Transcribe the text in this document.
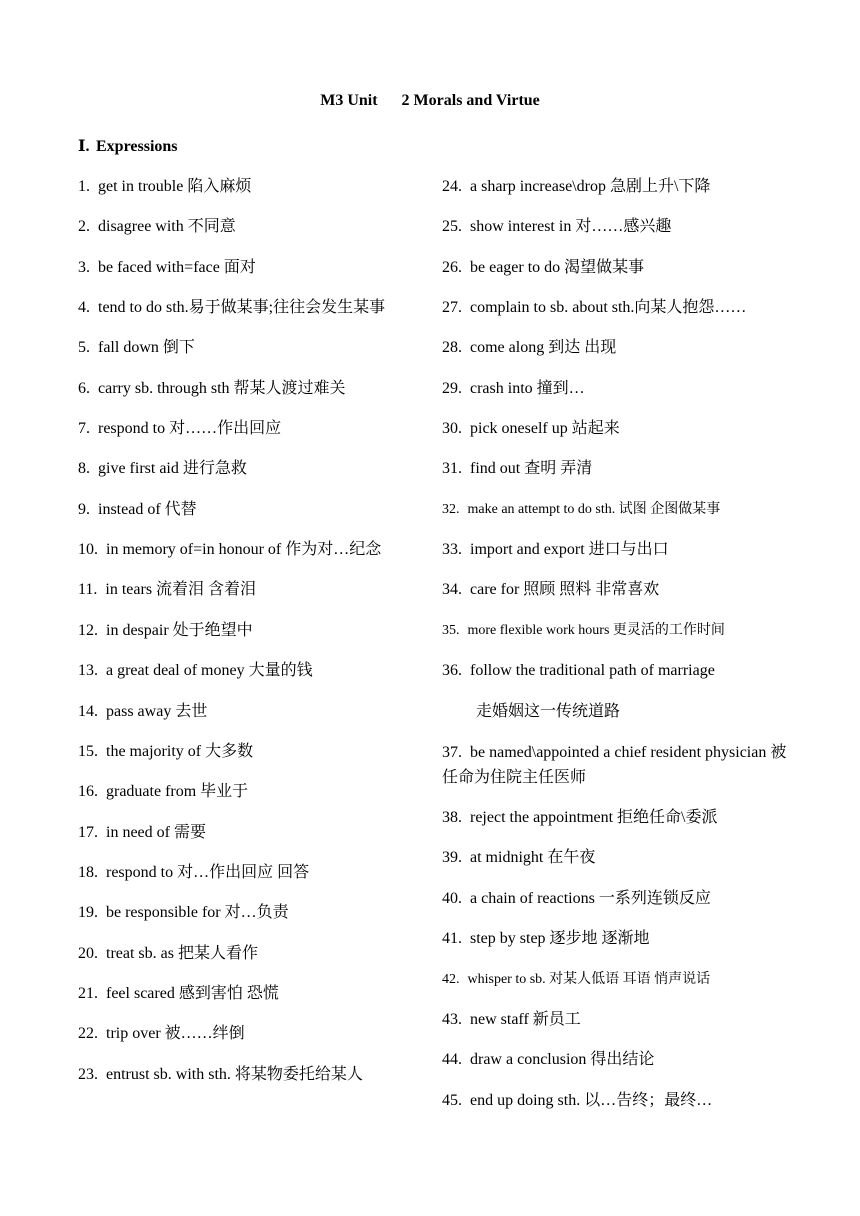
M3 Unit      2 Morals and Virtue
Ⅰ. Expressions
1. get in trouble 陷入麻烦
2. disagree with 不同意
3. be faced with=face 面对
4. tend to do sth.易于做某事;往往会发生某事
5. fall down 倒下
6. carry sb. through sth 帮某人渡过难关
7. respond to 对……作出回应
8. give first aid 进行急救
9. instead of 代替
10. in memory of=in honour of 作为对…纪念
11. in tears 流着泪 含着泪
12. in despair 处于绝望中
13. a great deal of money 大量的钱
14. pass away 去世
15. the majority of 大多数
16. graduate from 毕业于
17. in need of 需要
18. respond to 对…作出回应 回答
19. be responsible for 对…负责
20. treat sb. as 把某人看作
21. feel scared 感到害怕 恐慌
22. trip over 被……绊倒
23. entrust sb. with sth. 将某物委托给某人
24. a sharp increase\drop 急剧上升\下降
25. show interest in 对……感兴趣
26. be eager to do 渴望做某事
27. complain to sb. about sth.向某人抱怨……
28. come along 到达 出现
29. crash into 撞到…
30. pick oneself up 站起来
31. find out 查明 弄清
32. make an attempt to do sth. 试图 企图做某事
33. import and export 进口与出口
34. care for 照顾 照料 非常喜欢
35. more flexible work hours 更灵活的工作时间
36. follow the traditional path of marriage
走婚姻这一传统道路
37. be named\appointed a chief resident physician 被任命为住院主任医师
38. reject the appointment 拒绝任命\委派
39. at midnight 在午夜
40. a chain of reactions 一系列连锁反应
41. step by step 逐步地 逐渐地
42. whisper to sb. 对某人低语 耳语 悄声说话
43. new staff 新员工
44. draw a conclusion 得出结论
45. end up doing sth. 以…告终；最终…
